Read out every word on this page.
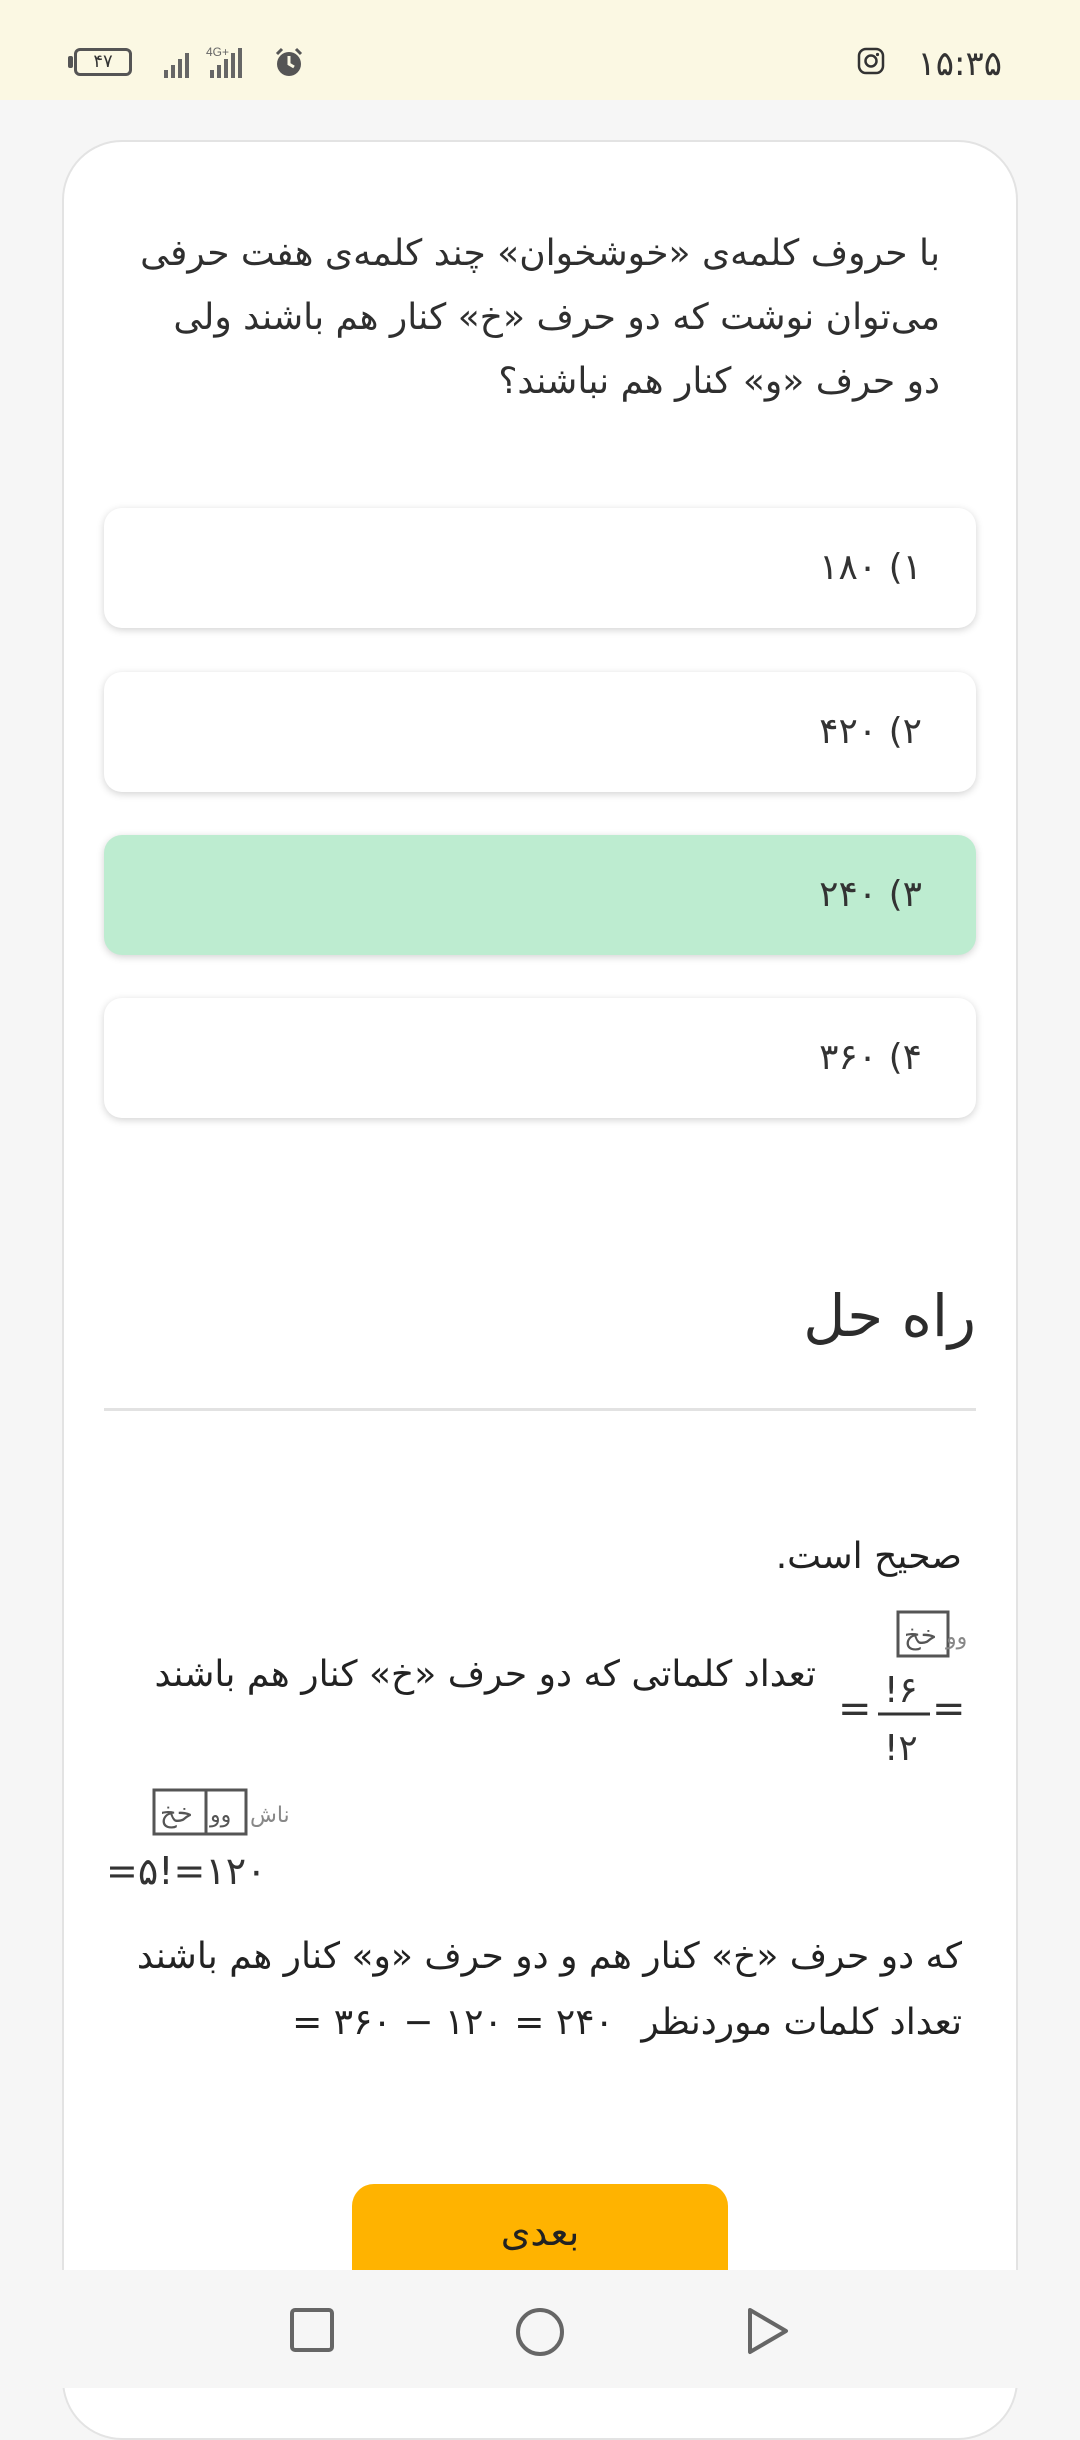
۱۵:۳۵
۴۷	4G+
با حروف کلمه‌ی «خوشخوان» چند کلمه‌ی هفت حرفی می‌توان نوشت که دو حرف «خ» کنار هم باشند ولی دو حرف «و» کنار هم نباشند؟
۱) ۱۸۰
۲) ۴۲۰
۳) ۲۴۰
۴) ۳۶۰
راه حل
صحیح است.
تعداد کلماتی که دو حرف «خ» کنار هم باشند
خخ وو
= !۶
!۲
=
خخ وو ناش
=۵!=۱۲۰
که دو حرف «خ» کنار هم و دو حرف «و» کنار هم باشند
تعداد کلمات موردنظر = ۳۶۰ − ۱۲۰ = ۲۴۰
بعدی
